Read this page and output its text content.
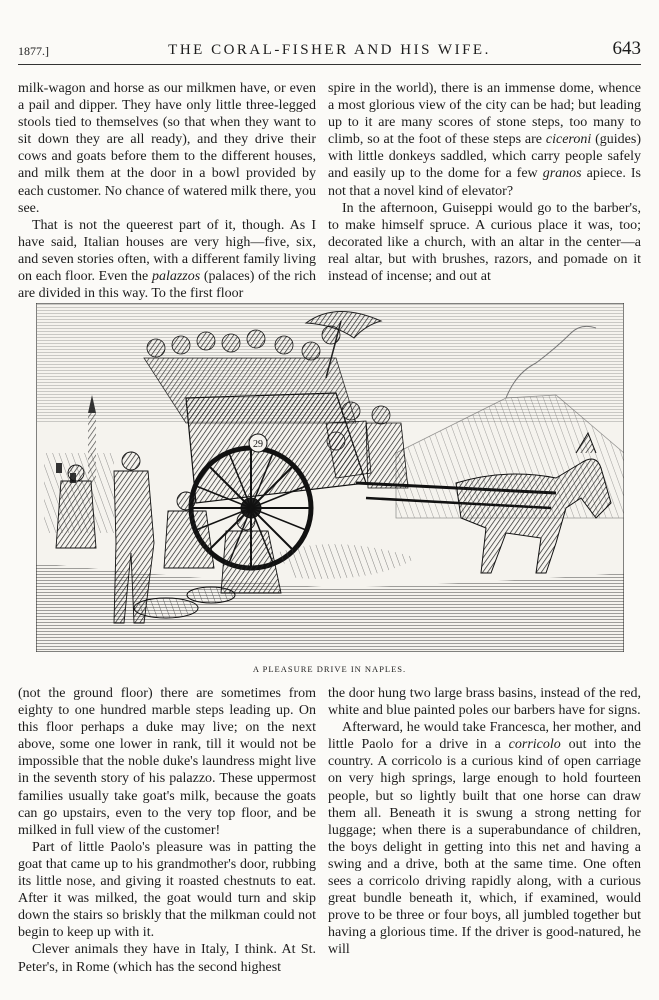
1877.]	THE CORAL-FISHER AND HIS WIFE.	643

milk-wagon and horse as our milkmen have, or even a pail and dipper. They have only little three-legged stools tied to themselves (so that when they want to sit down they are all ready), and they drive their cows and goats before them to the different houses, and milk them at the door in a bowl provided by each customer. No chance of watered milk there, you see.

That is not the queerest part of it, though. As I have said, Italian houses are very high—five, six, and seven stories often, with a different family living on each floor. Even the palazzos (palaces) of the rich are divided in this way. To the first floor

spire in the world), there is an immense dome, whence a most glorious view of the city can be had; but leading up to it are many scores of stone steps, too many to climb, so at the foot of these steps are ciceroni (guides) with little donkeys saddled, which carry people safely and easily up to the dome for a few granos apiece. Is not that a novel kind of elevator?

In the afternoon, Guiseppi would go to the barber's, to make himself spruce. A curious place it was, too; decorated like a church, with an altar in the center—a real altar, but with brushes, razors, and pomade on it instead of incense; and out at

29
A PLEASURE DRIVE IN NAPLES.

(not the ground floor) there are sometimes from eighty to one hundred marble steps leading up. On this floor perhaps a duke may live; on the next above, some one lower in rank, till it would not be impossible that the noble duke's laundress might live in the seventh story of his palazzo. These uppermost families usually take goat's milk, because the goats can go upstairs, even to the very top floor, and be milked in full view of the customer!

Part of little Paolo's pleasure was in patting the goat that came up to his grandmother's door, rubbing its little nose, and giving it roasted chestnuts to eat. After it was milked, the goat would turn and skip down the stairs so briskly that the milkman could not begin to keep up with it.

Clever animals they have in Italy, I think. At St. Peter's, in Rome (which has the second highest

the door hung two large brass basins, instead of the red, white and blue painted poles our barbers have for signs.

Afterward, he would take Francesca, her mother, and little Paolo for a drive in a corricolo out into the country. A corricolo is a curious kind of open carriage on very high springs, large enough to hold fourteen people, but so lightly built that one horse can draw them all. Beneath it is swung a strong netting for luggage; when there is a superabundance of children, the boys delight in getting into this net and having a swing and a drive, both at the same time. One often sees a corricolo driving rapidly along, with a curious great bundle beneath it, which, if examined, would prove to be three or four boys, all jumbled together but having a glorious time. If the driver is good-natured, he will
